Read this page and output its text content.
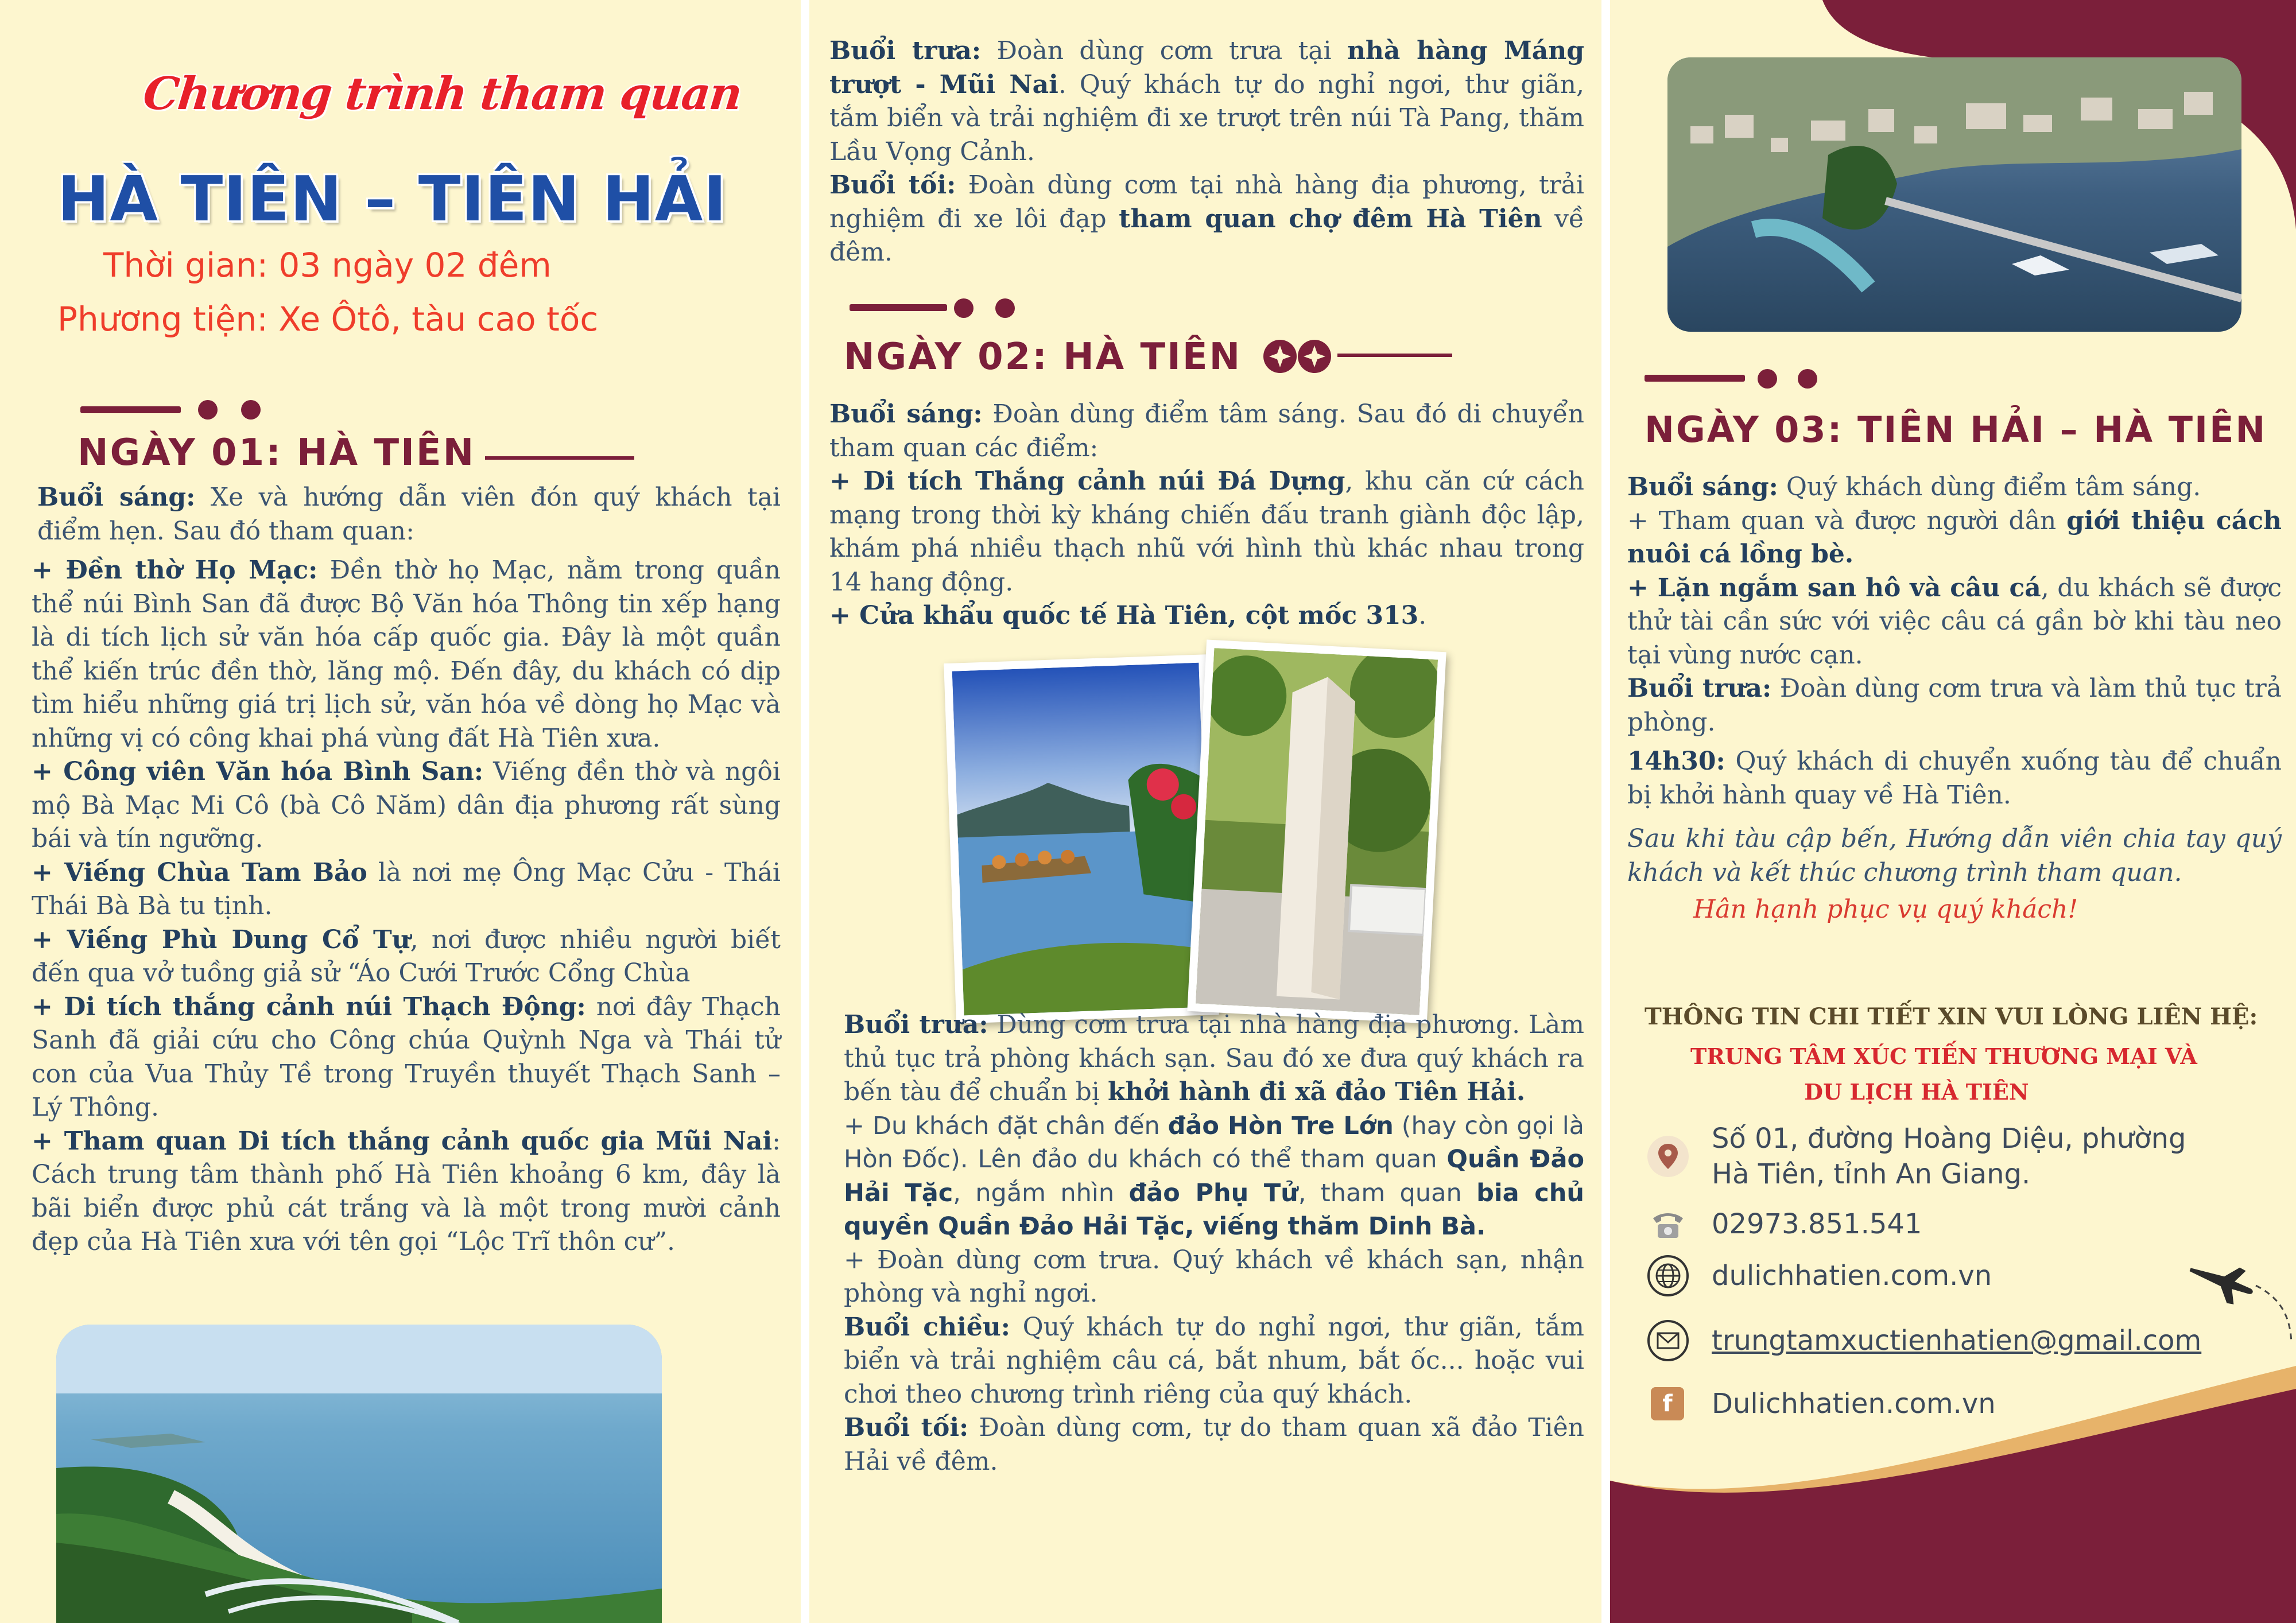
Chương trình tham quan
HÀ TIÊN – TIÊN HẢI
Thời gian: 03 ngày 02 đêm
Phương tiện: Xe Ôtô, tàu cao tốc
NGÀY 01: HÀ TIÊN

Buổi sáng: Xe và hướng dẫn viên đón quý khách tại điểm hẹn. Sau đó tham quan:

+ Đền thờ Họ Mạc: Đền thờ họ Mạc, nằm trong quần thể núi Bình San đã được Bộ Văn hóa Thông tin xếp hạng là di tích lịch sử văn hóa cấp quốc gia. Đây là một quần thể kiến trúc đền thờ, lăng mộ. Đến đây, du khách có dịp tìm hiểu những giá trị lịch sử, văn hóa về dòng họ Mạc và những vị có công khai phá vùng đất Hà Tiên xưa.

+ Công viên Văn hóa Bình San: Viếng đền thờ và ngôi mộ Bà Mạc Mi Cô (bà Cô Năm) dân địa phương rất sùng bái và tín ngưỡng.

+ Viếng Chùa Tam Bảo là nơi mẹ Ông Mạc Cửu - Thái Thái Bà Bà tu tịnh.

+ Viếng Phù Dung Cổ Tự, nơi được nhiều người biết đến qua vở tuồng giả sử “Áo Cưới Trước Cổng Chùa

+ Di tích thắng cảnh núi Thạch Động: nơi đây Thạch Sanh đã giải cứu cho Công chúa Quỳnh Nga và Thái tử con của Vua Thủy Tề trong Truyền thuyết Thạch Sanh – Lý Thông.

+ Tham quan Di tích thắng cảnh quốc gia Mũi Nai: Cách trung tâm thành phố Hà Tiên khoảng 6 km, đây là bãi biển được phủ cát trắng và là một trong mười cảnh đẹp của Hà Tiên xưa với tên gọi “Lộc Trĩ thôn cư”.

Buổi trưa: Đoàn dùng cơm trưa tại nhà hàng Máng trượt - Mũi Nai. Quý khách tự do nghỉ ngơi, thư giãn, tắm biển và trải nghiệm đi xe trượt trên núi Tà Pang, thăm Lầu Vọng Cảnh.

Buổi tối: Đoàn dùng cơm tại nhà hàng địa phương, trải nghiệm đi xe lôi đạp tham quan chợ đêm Hà Tiên về đêm.

NGÀY 02: HÀ TIÊN

Buổi sáng: Đoàn dùng điểm tâm sáng. Sau đó di chuyển tham quan các điểm:

+ Di tích Thắng cảnh núi Đá Dựng, khu căn cứ cách mạng trong thời kỳ kháng chiến đấu tranh giành độc lập, khám phá nhiều thạch nhũ với hình thù khác nhau trong 14 hang động.

+ Cửa khẩu quốc tế Hà Tiên, cột mốc 313.

Buổi trưa: Dùng cơm trưa tại nhà hàng địa phương. Làm thủ tục trả phòng khách sạn. Sau đó xe đưa quý khách ra bến tàu để chuẩn bị khởi hành đi xã đảo Tiên Hải.

+ Du khách đặt chân đến đảo Hòn Tre Lớn (hay còn gọi là Hòn Đốc). Lên đảo du khách có thể tham quan Quần Đảo Hải Tặc, ngắm nhìn đảo Phụ Tử, tham quan bia chủ quyền Quần Đảo Hải Tặc, viếng thăm Dinh Bà.

+ Đoàn dùng cơm trưa. Quý khách về khách sạn, nhận phòng và nghỉ ngơi.

Buổi chiều: Quý khách tự do nghỉ ngơi, thư giãn, tắm biển và trải nghiệm câu cá, bắt nhum, bắt ốc... hoặc vui chơi theo chương trình riêng của quý khách.

Buổi tối: Đoàn dùng cơm, tự do tham quan xã đảo Tiên Hải về đêm.

NGÀY 03: TIÊN HẢI – HÀ TIÊN

Buổi sáng: Quý khách dùng điểm tâm sáng.

+ Tham quan và được người dân giới thiệu cách nuôi cá lồng bè.

+ Lặn ngắm san hô và câu cá, du khách sẽ được thử tài cần sức với việc câu cá gần bờ khi tàu neo tại vùng nước cạn.

Buổi trưa: Đoàn dùng cơm trưa và làm thủ tục trả phòng.

14h30: Quý khách di chuyển xuống tàu để chuẩn bị khởi hành quay về Hà Tiên.

Sau khi tàu cập bến, Hướng dẫn viên chia tay quý khách và kết thúc chương trình tham quan.

Hân hạnh phục vụ quý khách!

THÔNG TIN CHI TIẾT XIN VUI LÒNG LIÊN HỆ:
TRUNG TÂM XÚC TIẾN THƯƠNG MẠI VÀ
DU LỊCH HÀ TIÊN
Số 01, đường Hoàng Diệu, phường
Hà Tiên, tỉnh An Giang.
02973.851.541
dulichhatien.com.vn
trungtamxuctienhatien@gmail.com
f Dulichhatien.com.vn
